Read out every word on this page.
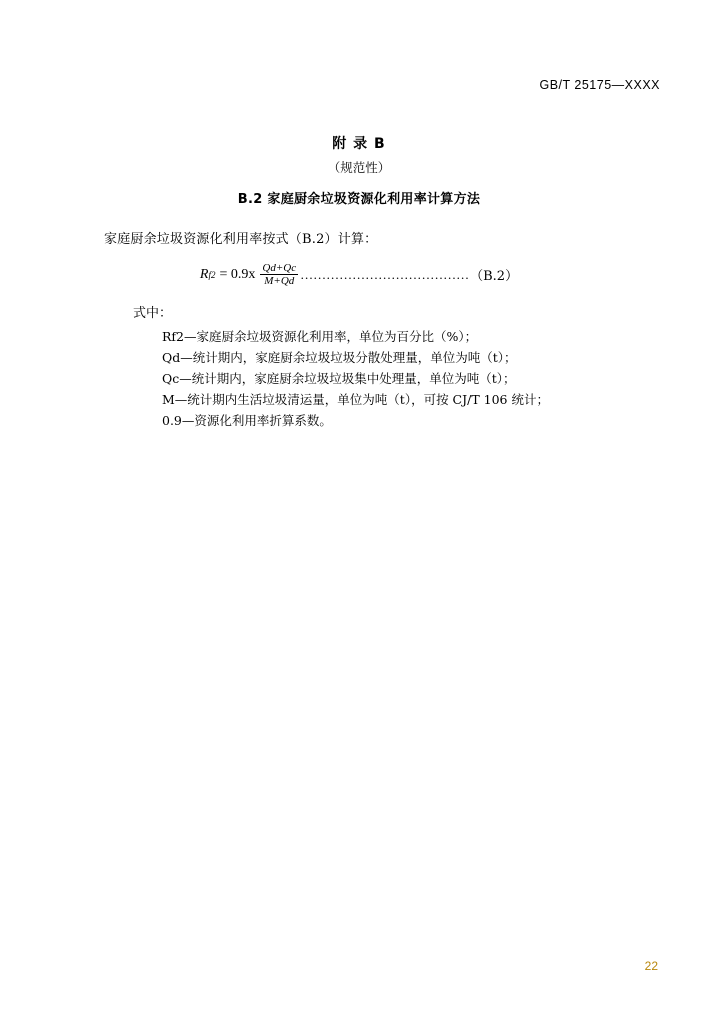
GB/T 25175—XXXX
附 录 B
（规范性）
B.2 家庭厨余垃圾资源化利用率计算方法
家庭厨余垃圾资源化利用率按式（B.2）计算：
R $f2 = 0.9x \frac{Qd+Qc}{M+Qd}$ ………………………………… （B.2）
式中：
Rf2—家庭厨余垃圾资源化利用率，单位为百分比（%）；
Qd—统计期内，家庭厨余垃圾垃圾分散处理量，单位为吨（t）；
Qc—统计期内，家庭厨余垃圾垃圾集中处理量，单位为吨（t）；
M—统计期内生活垃圾清运量，单位为吨（t），可按 CJ/T 106 统计；
0.9—资源化利用率折算系数。
22
